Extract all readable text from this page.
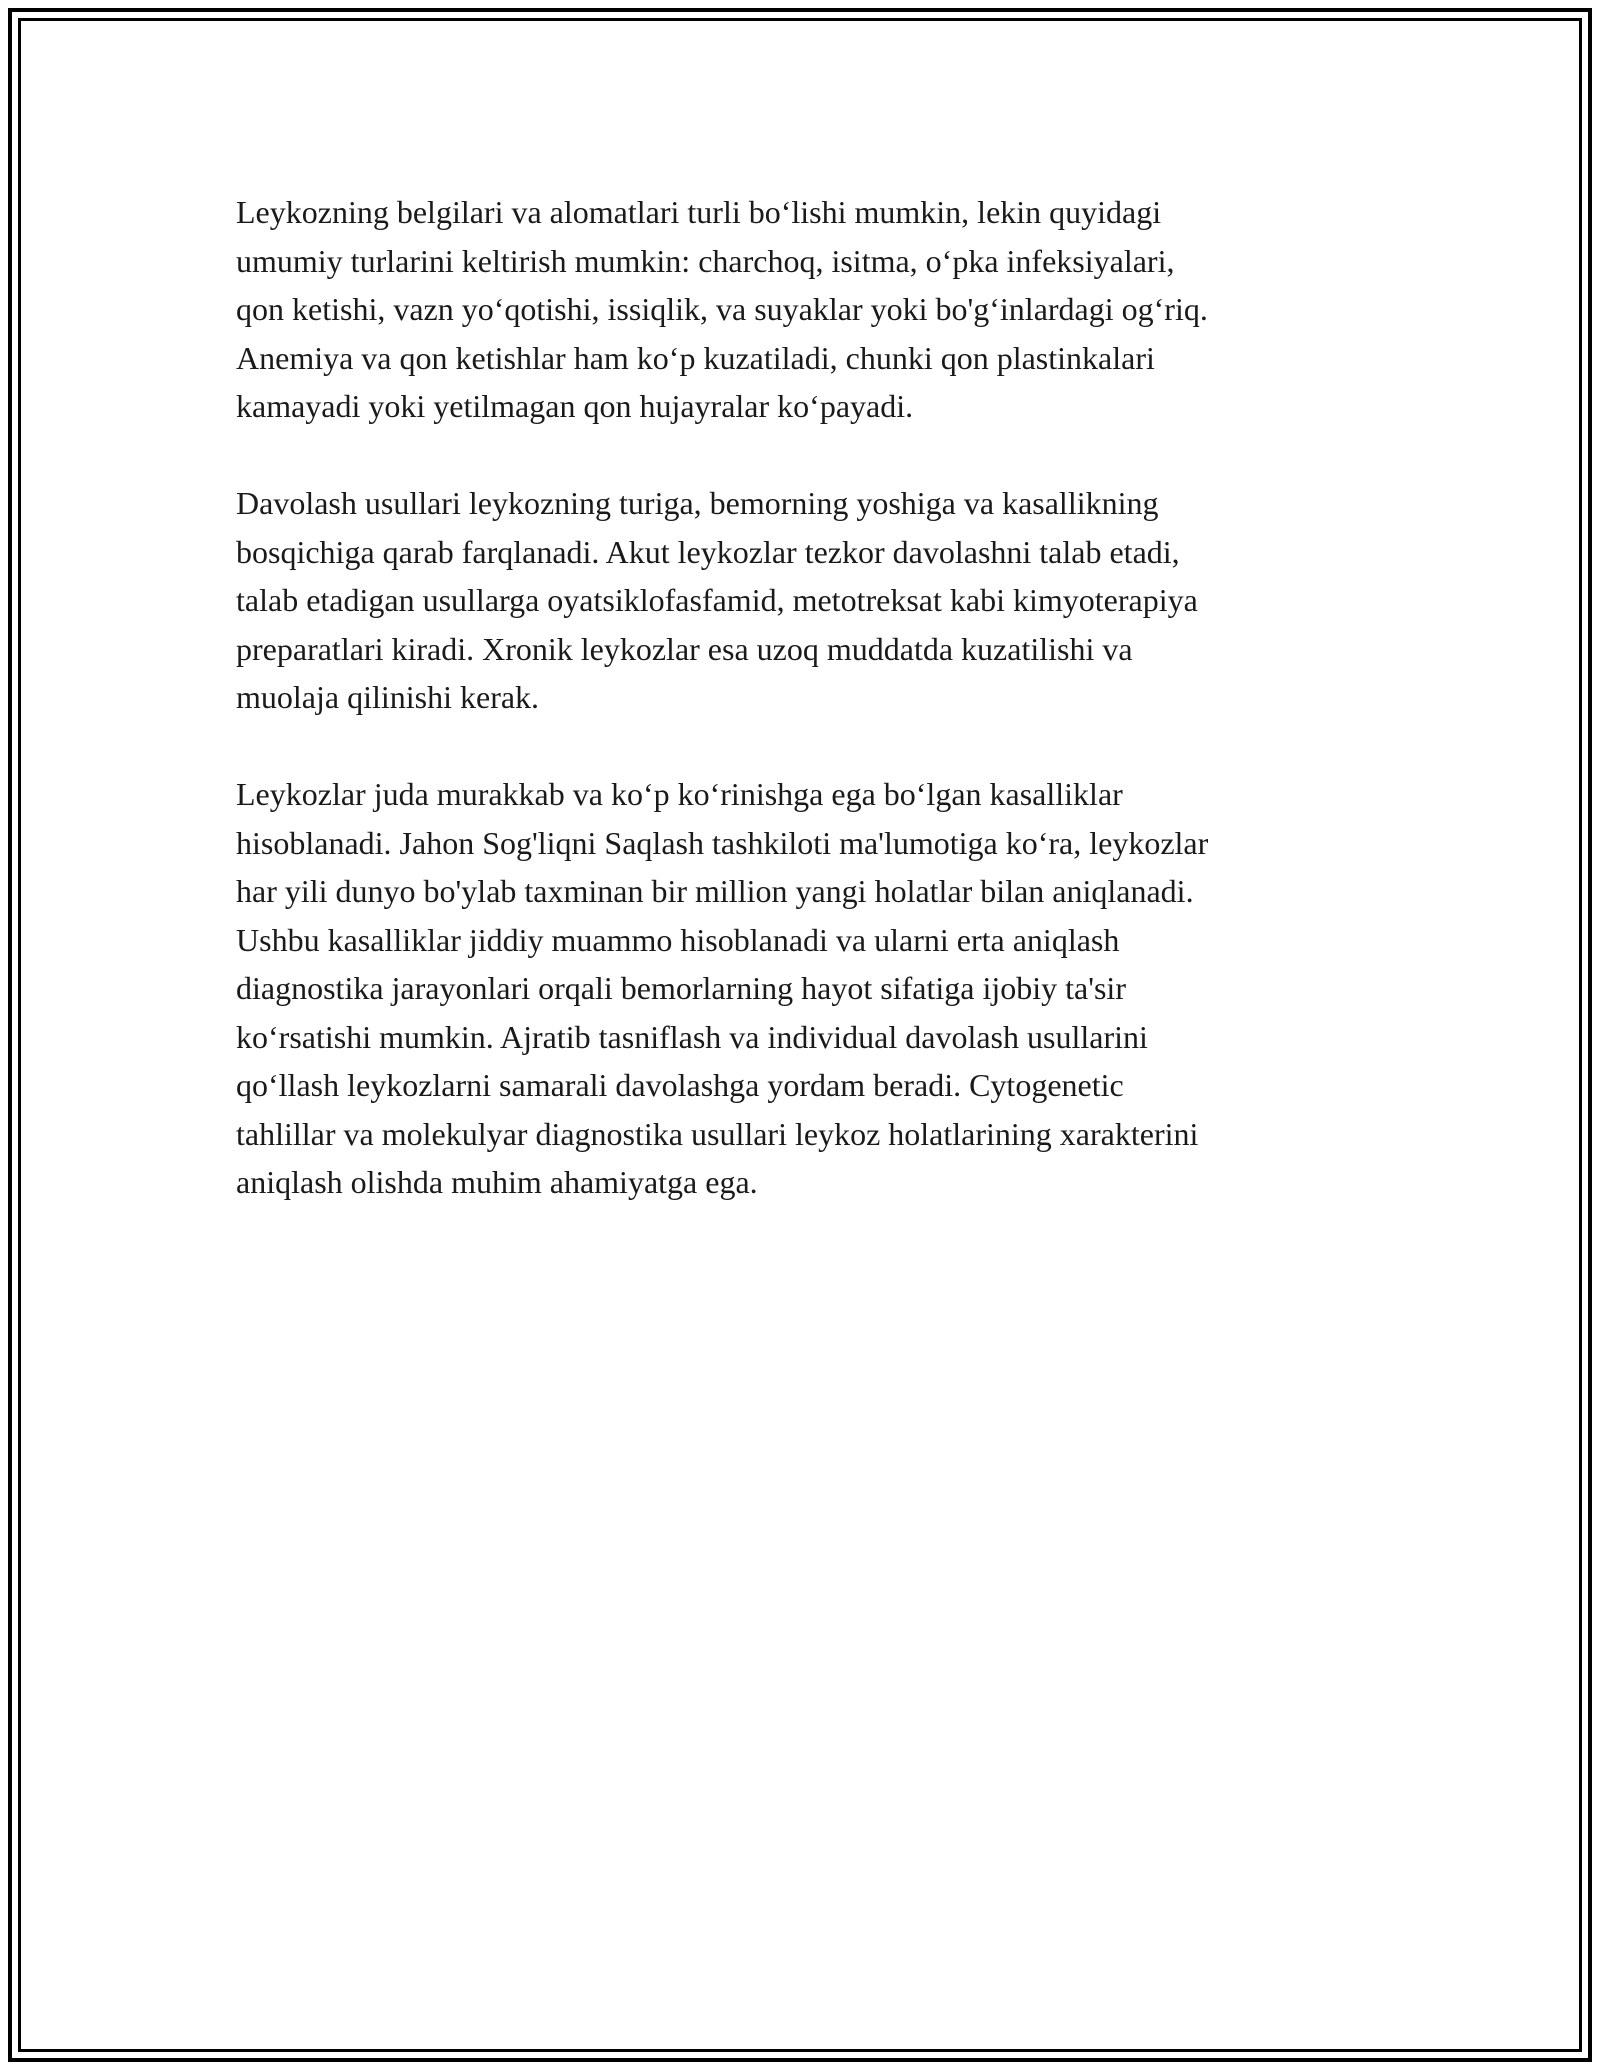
Leykozning belgilari va alomatlari turli bo‘lishi mumkin, lekin quyidagi
umumiy turlarini keltirish mumkin: charchoq, isitma, o‘pka infeksiyalari,
qon ketishi, vazn yo‘qotishi, issiqlik, va suyaklar yoki bo'g‘inlardagi og‘riq.
Anemiya va qon ketishlar ham ko‘p kuzatiladi, chunki qon plastinkalari
kamayadi yoki yetilmagan qon hujayralar ko‘payadi.

Davolash usullari leykozning turiga, bemorning yoshiga va kasallikning
bosqichiga qarab farqlanadi. Akut leykozlar tezkor davolashni talab etadi,
talab etadigan usullarga oyatsiklofasfamid, metotreksat kabi kimyoterapiya
preparatlari kiradi. Xronik leykozlar esa uzoq muddatda kuzatilishi va
muolaja qilinishi kerak.

Leykozlar juda murakkab va ko‘p ko‘rinishga ega bo‘lgan kasalliklar
hisoblanadi. Jahon Sog'liqni Saqlash tashkiloti ma'lumotiga ko‘ra, leykozlar
har yili dunyo bo'ylab taxminan bir million yangi holatlar bilan aniqlanadi.
Ushbu kasalliklar jiddiy muammo hisoblanadi va ularni erta aniqlash
diagnostika jarayonlari orqali bemorlarning hayot sifatiga ijobiy ta'sir
ko‘rsatishi mumkin. Ajratib tasniflash va individual davolash usullarini
qo‘llash leykozlarni samarali davolashga yordam beradi. Cytogenetic
tahlillar va molekulyar diagnostika usullari leykoz holatlarining xarakterini
aniqlash olishda muhim ahamiyatga ega.
